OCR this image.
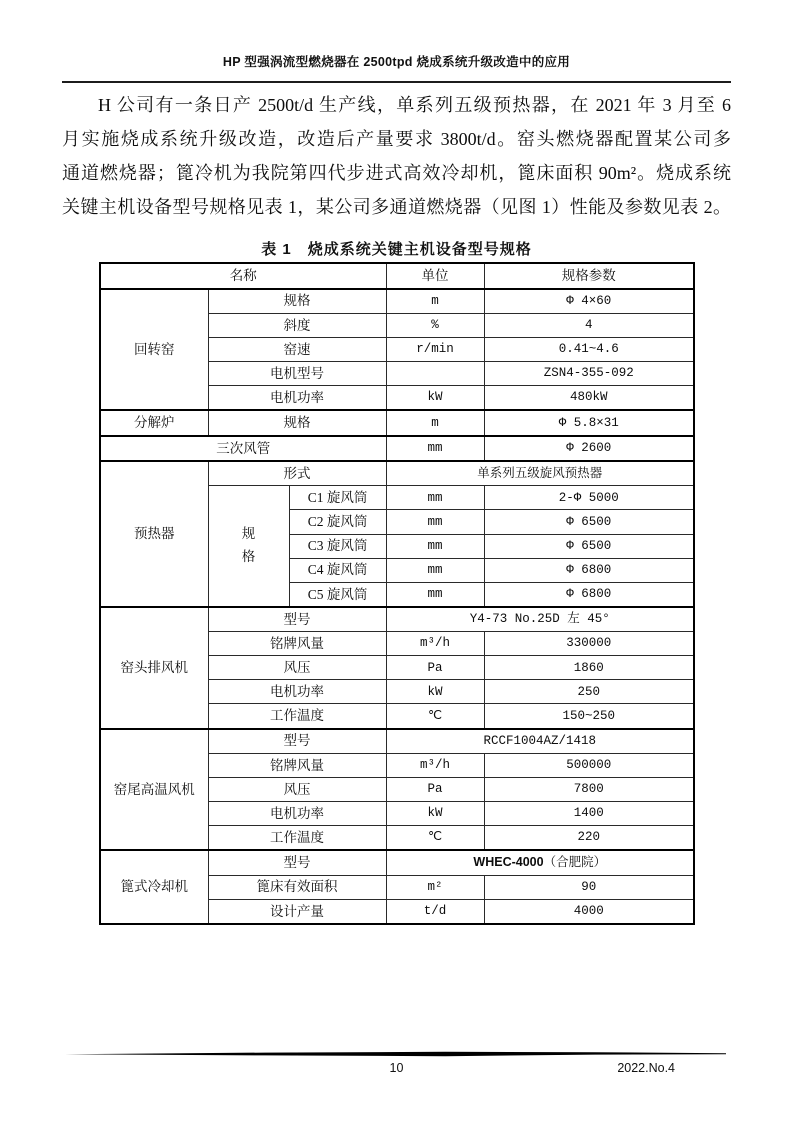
HP 型强涡流型燃烧器在 2500tpd 烧成系统升级改造中的应用
H 公司有一条日产 2500t/d 生产线，单系列五级预热器，在 2021 年 3 月至 6
月实施烧成系统升级改造，改造后产量要求 3800t/d。窑头燃烧器配置某公司多
通道燃烧器；篦冷机为我院第四代步进式高效冷却机，篦床面积 90m²。烧成系统
关键主机设备型号规格见表 1，某公司多通道燃烧器（见图 1）性能及参数见表 2。
表 1　烧成系统关键主机设备型号规格
名称			单位	规格参数
回转窑	规格		m	Φ 4×60
	斜度		%	4
	窑速		r/min	0.41~4.6
	电机型号			ZSN4-355-092
	电机功率		kW	480kW
分解炉	规格		m	Φ 5.8×31
三次风管			mm	Φ 2600
预热器	形式		单系列五级旋风预热器	

	规格	C1 旋风筒	mm	2-Φ 5000
		C2 旋风筒	mm	Φ 6500
		C3 旋风筒	mm	Φ 6500
		C4 旋风筒	mm	Φ 6800
		C5 旋风筒	mm	Φ 6800
窑头排风机	型号		Y4-73 No.25D 左 45°	
	铭牌风量		m³/h	330000
	风压		Pa	1860
	电机功率		kW	250
	工作温度		℃	150~250
窑尾高温风机	型号		RCCF1004AZ/1418	
	铭牌风量		m³/h	500000
	风压		Pa	7800
	电机功率		kW	1400
	工作温度		℃	220
篦式冷却机	型号		WHEC-4000（合肥院）	
	篦床有效面积		m²	90
	设计产量		t/d	4000
10	2022.No.4
